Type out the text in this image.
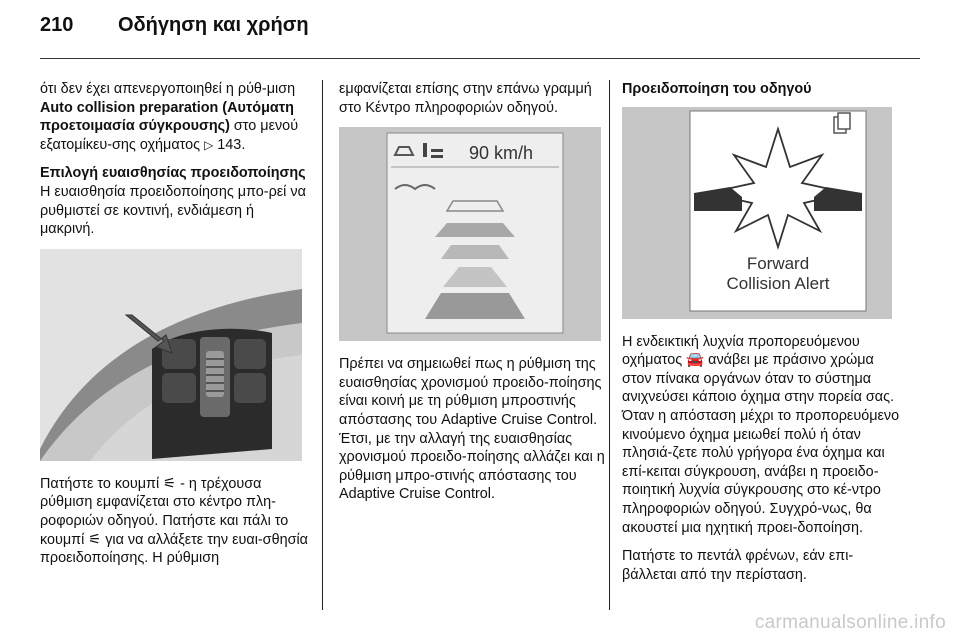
210	Οδήγηση και χρήση

ότι δεν έχει απενεργοποιηθεί η ρύθ-μιση Auto collision preparation (Αυτόματη προετοιμασία σύγκρουσης) στο μενού εξατομίκευ-σης οχήματος ▷ 143.

Επιλογή ευαισθησίας προειδοποίησης

Η ευαισθησία προειδοποίησης μπο-ρεί να ρυθμιστεί σε κοντινή, ενδιάμεση ή μακρινή.

Πατήστε το κουμπί ⚟ - η τρέχουσα ρύθμιση εμφανίζεται στο κέντρο πλη-ροφοριών οδηγού. Πατήστε και πάλι το κουμπί ⚟ για να αλλάξετε την ευαι-σθησία προειδοποίησης. Η ρύθμιση

εμφανίζεται επίσης στην επάνω γραμμή στο Κέντρο πληροφοριών οδηγού.

90 km/h

Πρέπει να σημειωθεί πως η ρύθμιση της ευαισθησίας χρονισμού προειδο-ποίησης είναι κοινή με τη ρύθμιση μπροστινής απόστασης του Adaptive Cruise Control. Έτσι, με την αλλαγή της ευαισθησίας χρονισμού προειδο-ποίησης αλλάζει και η ρύθμιση μπρο-στινής απόστασης του Adaptive Cruise Control.

Προειδοποίηση του οδηγού

Forward
Collision Alert

Η ενδεικτική λυχνία προπορευόμενου οχήματος 🚘 ανάβει με πράσινο χρώμα στον πίνακα οργάνων όταν το σύστημα ανιχνεύσει κάποιο όχημα στην πορεία σας. Όταν η απόσταση μέχρι το προπορευόμενο κινούμενο όχημα μειωθεί πολύ ή όταν πλησιά-ζετε πολύ γρήγορα ένα όχημα και επί-κειται σύγκρουση, ανάβει η προειδο-ποιητική λυχνία σύγκρουσης στο κέ-ντρο πληροφοριών οδηγού. Συγχρό-νως, θα ακουστεί μια ηχητική προει-δοποίηση.

Πατήστε το πεντάλ φρένων, εάν επι-βάλλεται από την περίσταση.

carmanualsonline.info
